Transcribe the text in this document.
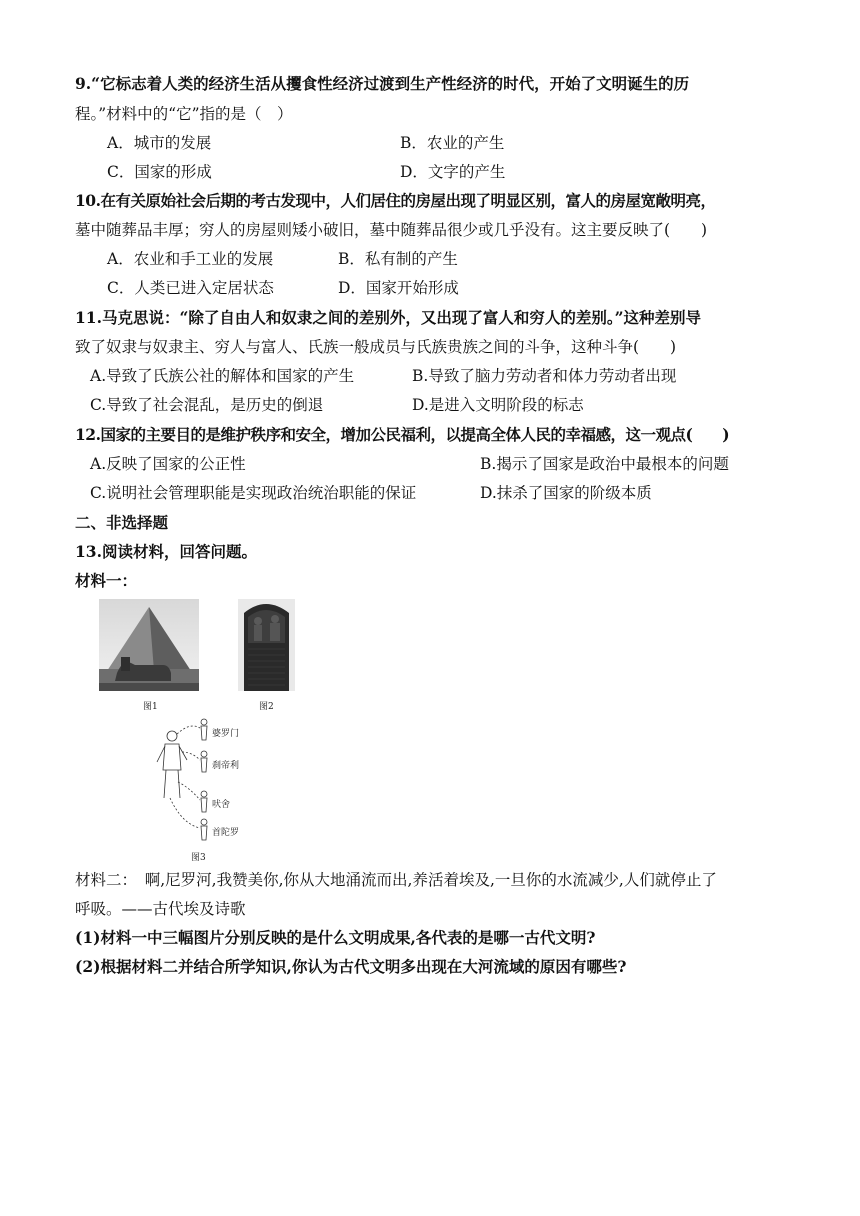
9.“它标志着人类的经济生活从攫食性经济过渡到生产性经济的时代，开始了文明诞生的历
程。”材料中的“它”指的是（　）
A．城市的发展	B．农业的产生
C．国家的形成	D．文字的产生
10.在有关原始社会后期的考古发现中，人们居住的房屋出现了明显区别，富人的房屋宽敞明亮，
墓中随葬品丰厚；穷人的房屋则矮小破旧，墓中随葬品很少或几乎没有。这主要反映了(　　)
A．农业和手工业的发展	B．私有制的产生
C．人类已进入定居状态	D．国家开始形成
11.马克思说：“除了自由人和奴隶之间的差别外，又出现了富人和穷人的差别。”这种差别导
致了奴隶与奴隶主、穷人与富人、氏族一般成员与氏族贵族之间的斗争，这种斗争(　　)
A.导致了氏族公社的解体和国家的产生	B.导致了脑力劳动者和体力劳动者出现
C.导致了社会混乱，是历史的倒退	D.是进入文明阶段的标志
12.国家的主要目的是维护秩序和安全，增加公民福利，以提高全体人民的幸福感，这一观点(　　)
A.反映了国家的公正性	B.揭示了国家是政治中最根本的问题
C.说明社会管理职能是实现政治统治职能的保证	D.抹杀了国家的阶级本质
二、非选择题
13.阅读材料，回答问题。
材料一：
图1	图2
婆罗门
刹帝利
吠舍
首陀罗
图3
材料二：　啊,尼罗河,我赞美你,你从大地涌流而出,养活着埃及,一旦你的水流减少,人们就停止了
呼吸。——古代埃及诗歌
(1)材料一中三幅图片分别反映的是什么文明成果,各代表的是哪一古代文明?
(2)根据材料二并结合所学知识,你认为古代文明多出现在大河流域的原因有哪些?
